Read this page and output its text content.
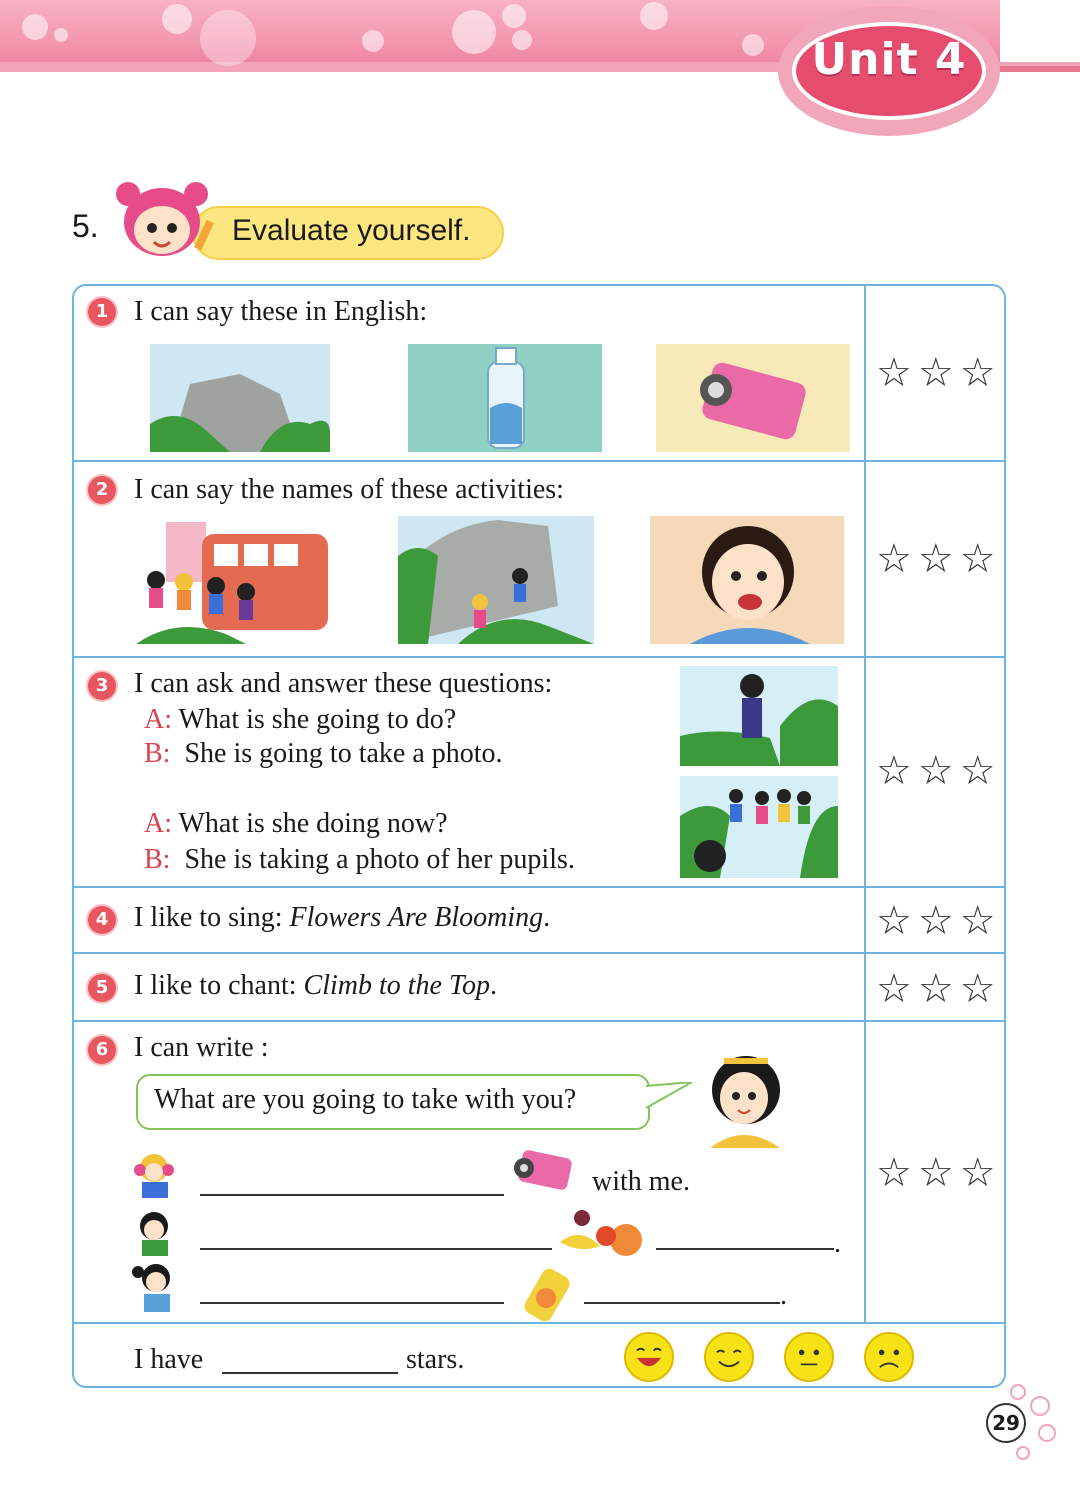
Unit 4
5.	Evaluate yourself.
1 I can say these in English:
☆☆☆
2 I can say the names of these activities:
☆☆☆
3 I can ask and answer these questions:
A: What is she going to do?
B: She is going to take a photo.
A: What is she doing now?
B: She is taking a photo of her pupils.
☆☆☆
4 I like to sing: Flowers Are Blooming.	☆☆☆
5 I like to chant: Climb to the Top.	☆☆☆
6 I can write :
What are you going to take with you?
with me.
.
.
☆☆☆
I have	stars.
29
